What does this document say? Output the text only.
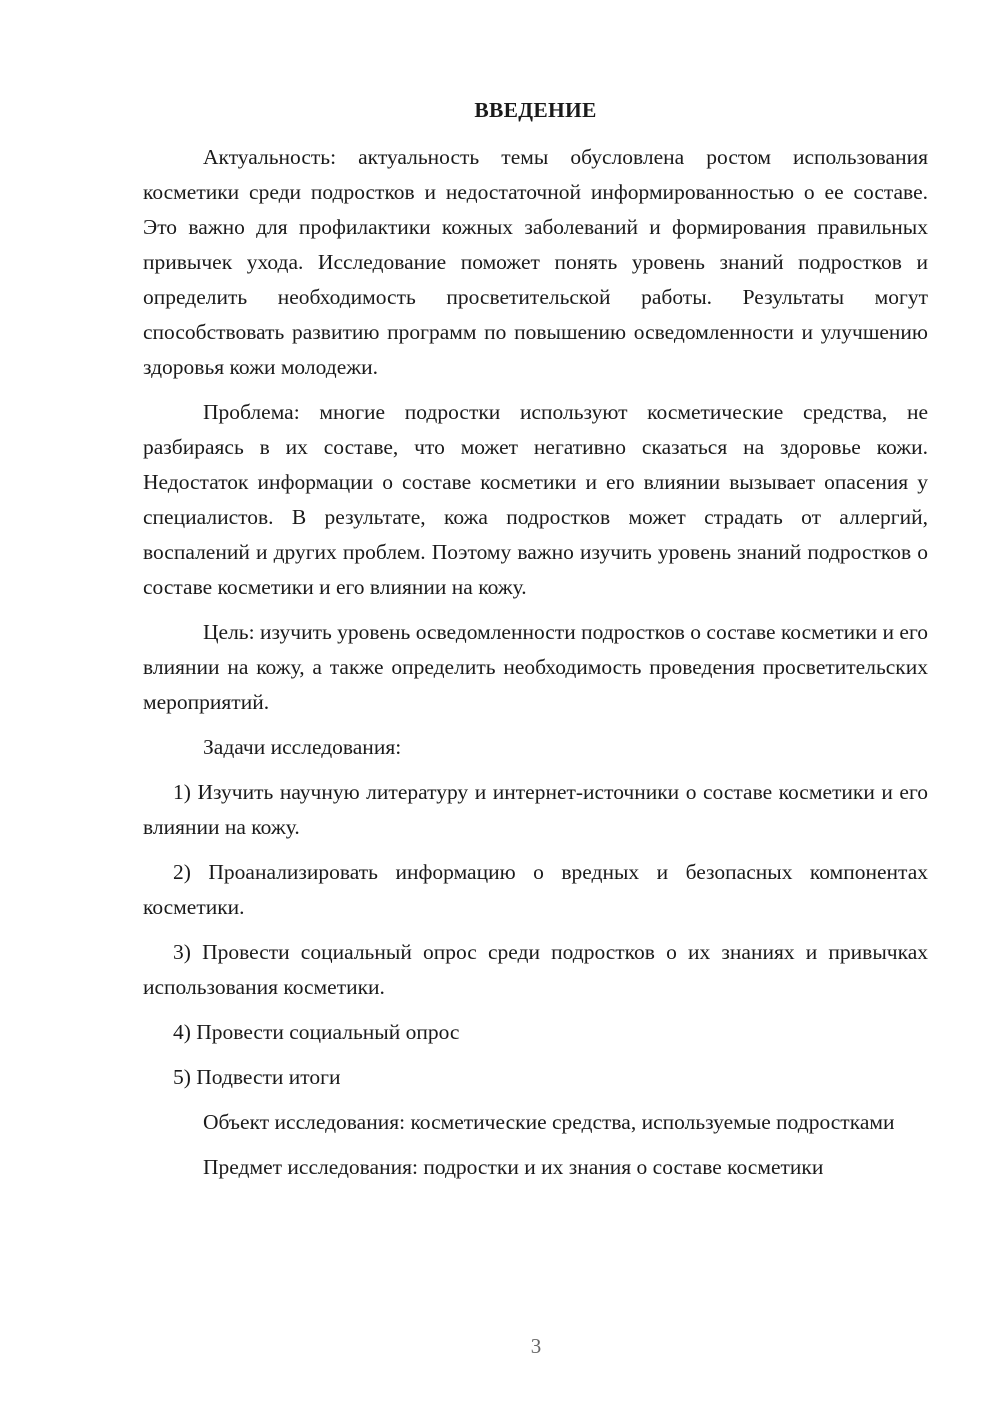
ВВЕДЕНИЕ

Актуальность: актуальность темы обусловлена ростом использования косметики среди подростков и недостаточной информированностью о ее составе. Это важно для профилактики кожных заболеваний и формирования правильных привычек ухода. Исследование поможет понять уровень знаний подростков и определить необходимость просветительской работы. Результаты могут способствовать развитию программ по повышению осведомленности и улучшению здоровья кожи молодежи.

Проблема: многие подростки используют косметические средства, не разбираясь в их составе, что может негативно сказаться на здоровье кожи. Недостаток информации о составе косметики и его влиянии вызывает опасения у специалистов. В результате, кожа подростков может страдать от аллергий, воспалений и других проблем. Поэтому важно изучить уровень знаний подростков о составе косметики и его влиянии на кожу.

Цель: изучить уровень осведомленности подростков о составе косметики и его влиянии на кожу, а также определить необходимость проведения просветительских мероприятий.

Задачи исследования:

1) Изучить научную литературу и интернет-источники о составе косметики и его влиянии на кожу.

2) Проанализировать информацию о вредных и безопасных компонентах косметики.

3) Провести социальный опрос среди подростков о их знаниях и привычках использования косметики.

4) Провести социальный опрос

5) Подвести итоги

Объект исследования: косметические средства, используемые подростками

Предмет исследования: подростки и их знания о составе косметики

3
